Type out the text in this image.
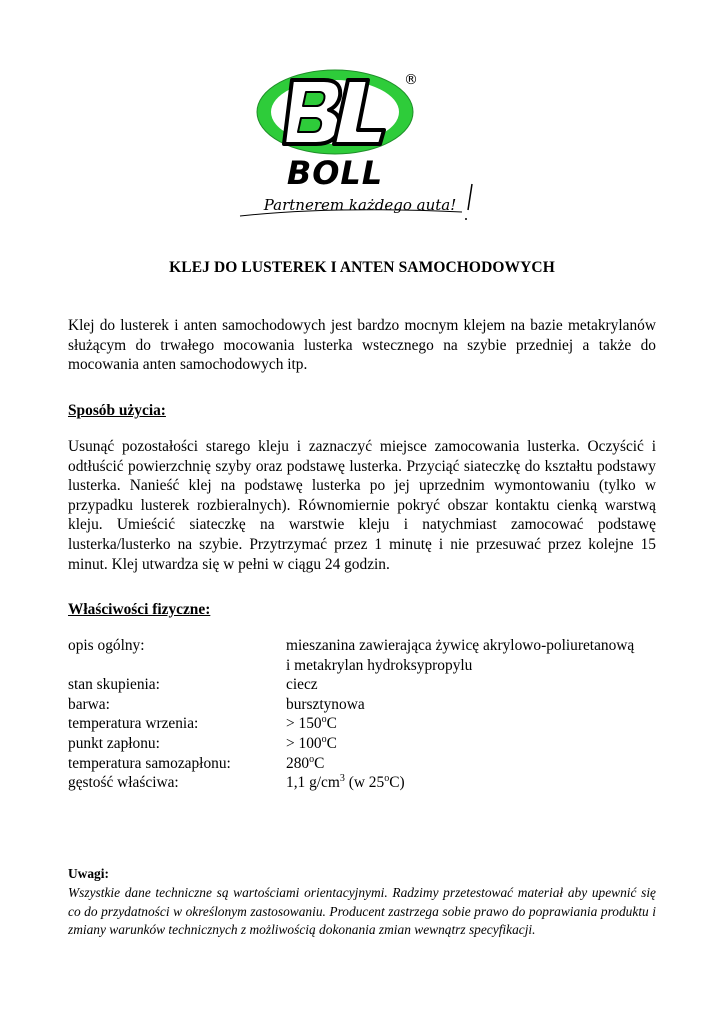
®
BOLL
Partnerem każdego auta!
KLEJ DO LUSTEREK I ANTEN SAMOCHODOWYCH
Klej do lusterek i anten samochodowych jest bardzo mocnym klejem na bazie metakrylanów służącym do trwałego mocowania lusterka wstecznego na szybie przedniej a także do mocowania anten samochodowych itp.
Sposób użycia:
Usunąć pozostałości starego kleju i zaznaczyć miejsce zamocowania lusterka. Oczyścić i odtłuścić powierzchnię szyby oraz podstawę lusterka. Przyciąć siateczkę do kształtu podstawy lusterka. Nanieść klej na podstawę lusterka po jej uprzednim wymontowaniu (tylko w przypadku lusterek rozbieralnych). Równomiernie pokryć obszar kontaktu cienką warstwą kleju. Umieścić siateczkę na warstwie kleju i natychmiast zamocować podstawę lusterka/lusterko na szybie. Przytrzymać przez 1 minutę i nie przesuwać przez kolejne 15 minut. Klej utwardza się w pełni w ciągu 24 godzin.
Właściwości fizyczne:
opis ogólny:	mieszanina zawierająca żywicę akrylowo-poliuretanową
i metakrylan hydroksypropylu
stan skupienia:	ciecz
barwa:	bursztynowa
temperatura wrzenia:	> $150^oC$
punkt zapłonu:	> $100^oC$
temperatura samozapłonu:	280$^o$C
gęstość właściwa:	1,1 $g/cm^3$ (w 25$^o$C)
Uwagi:
Wszystkie dane techniczne są wartościami orientacyjnymi. Radzimy przetestować materiał aby upewnić się co do przydatności w określonym zastosowaniu. Producent zastrzega sobie prawo do poprawiania produktu i zmiany warunków technicznych z możliwością dokonania zmian wewnątrz specyfikacji.
